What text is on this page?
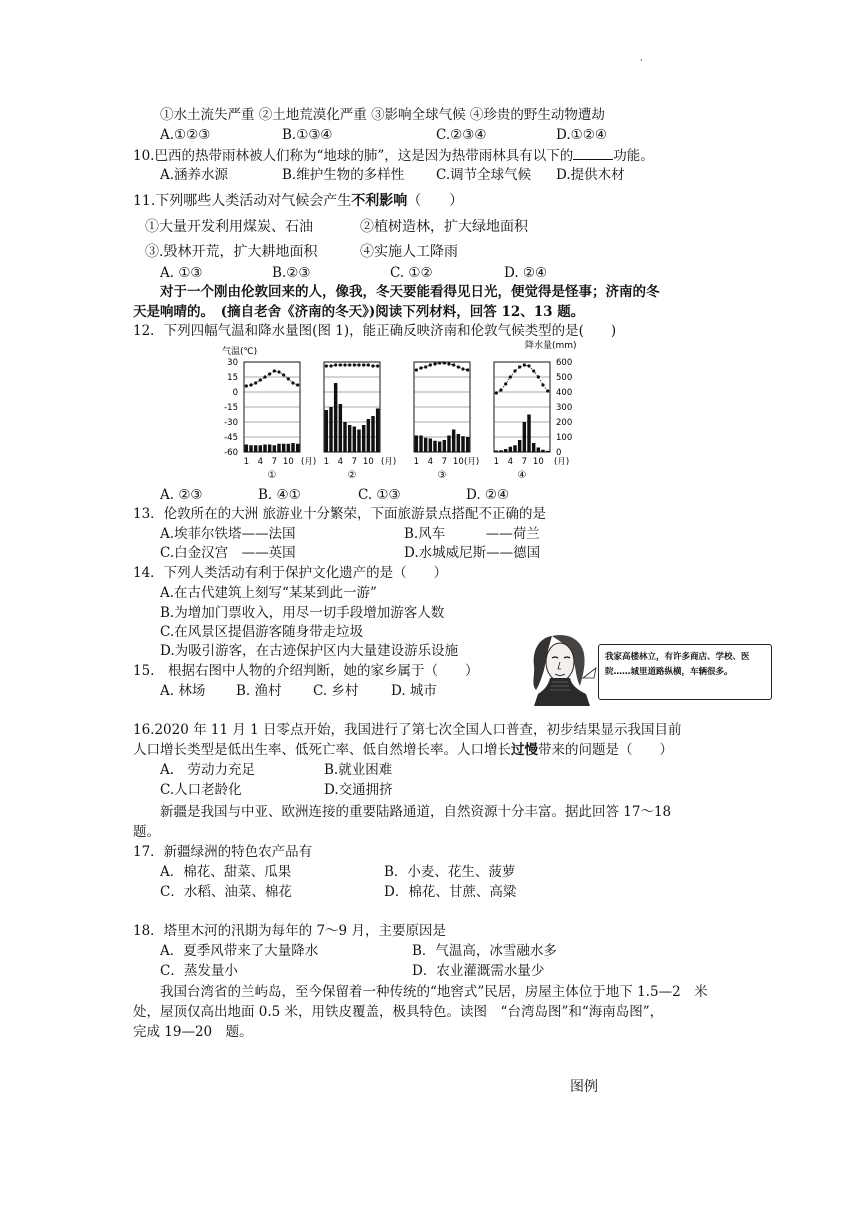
·
①水土流失严重 ②土地荒漠化严重 ③影响全球气候 ④珍贵的野生动物遭劫
A.①②③	B.①③④	C.②③④	D.①②④
10.巴西的热带雨林被人们称为“地球的肺”，这是因为热带雨林具有以下的	功能。
A.涵养水源	B.维护生物的多样性 C.调节全球气候 D.提供木材
11.下列哪些人类活动对气候会产生不利影响（　　）
①大量开发利用煤炭、石油	②植树造林，扩大绿地面积
③.毁林开荒，扩大耕地面积	④实施人工降雨
A. ①③	B.②③	C. ①②	D. ②④
对于一个刚由伦敦回来的人，像我，冬天要能看得见日光，便觉得是怪事；济南的冬
天是响晴的。　(摘自老舍《济南的冬天》)阅读下列材料，回答 12、13 题。
12．下列四幅气温和降水量图(图 1)，能正确反映济南和伦敦气候类型的是(　　)
气温(℃)
降水量(mm)
30
15
0
-15
-30
-45
-60
600
500
400
300
200
100
0
1 4 7 10 (月)
①
1 4 7 10 (月)
②
1 4 7 10 (月)
③
1 4 7 10 (月)
④
A. ②③	B. ④①	C. ①③	D. ②④
13．伦敦所在的大洲 旅游业十分繁荣，下面旅游景点搭配不正确的是
A.埃菲尔铁塔——法国	B.风车　　　——荷兰
C.白金汉宫　——英国	D.水城威尼斯——德国
14．下列人类活动有利于保护文化遗产的是（　　）
A.在古代建筑上刻写“某某到此一游”
B.为增加门票收入，用尽一切手段增加游客人数
C.在风景区提倡游客随身带走垃圾
D.为吸引游客，在古迹保护区内大量建设游乐设施
15.　根据右图中人物的介绍判断，她的家乡属于（　　）
A. 林场 B. 渔村 C. 乡村 D. 城市
我家高楼林立，有许多商店、学校、医院……城里道路纵横，车辆很多。
16.2020 年 11 月 1 日零点开始，我国进行了第七次全国人口普查，初步结果显示我国目前
人口增长类型是低出生率、低死亡率、低自然增长率。人口增长过慢带来的问题是（　　）
A.　劳动力充足	B.就业困难
C.人口老龄化	D.交通拥挤
新疆是我国与中亚、欧洲连接的重要陆路通道，自然资源十分丰富。据此回答 17～18
题。
17．新疆绿洲的特色农产品有
A．棉花、甜菜、瓜果	B．小麦、花生、菠萝
C．水稻、油菜、棉花	D．棉花、甘蔗、高粱
18．塔里木河的汛期为每年的 7～9 月，主要原因是
A．夏季风带来了大量降水	B．气温高，冰雪融水多
C．蒸发量小	D．农业灌溉需水量少
我国台湾省的兰屿岛，至今保留着一种传统的“地窖式”民居，房屋主体位于地下 1.5—2　米
处，屋顶仅高出地面 0.5 米，用铁皮覆盖，极具特色。读图　“台湾岛图”和“海南岛图”，
完成 19—20　题。
图例
